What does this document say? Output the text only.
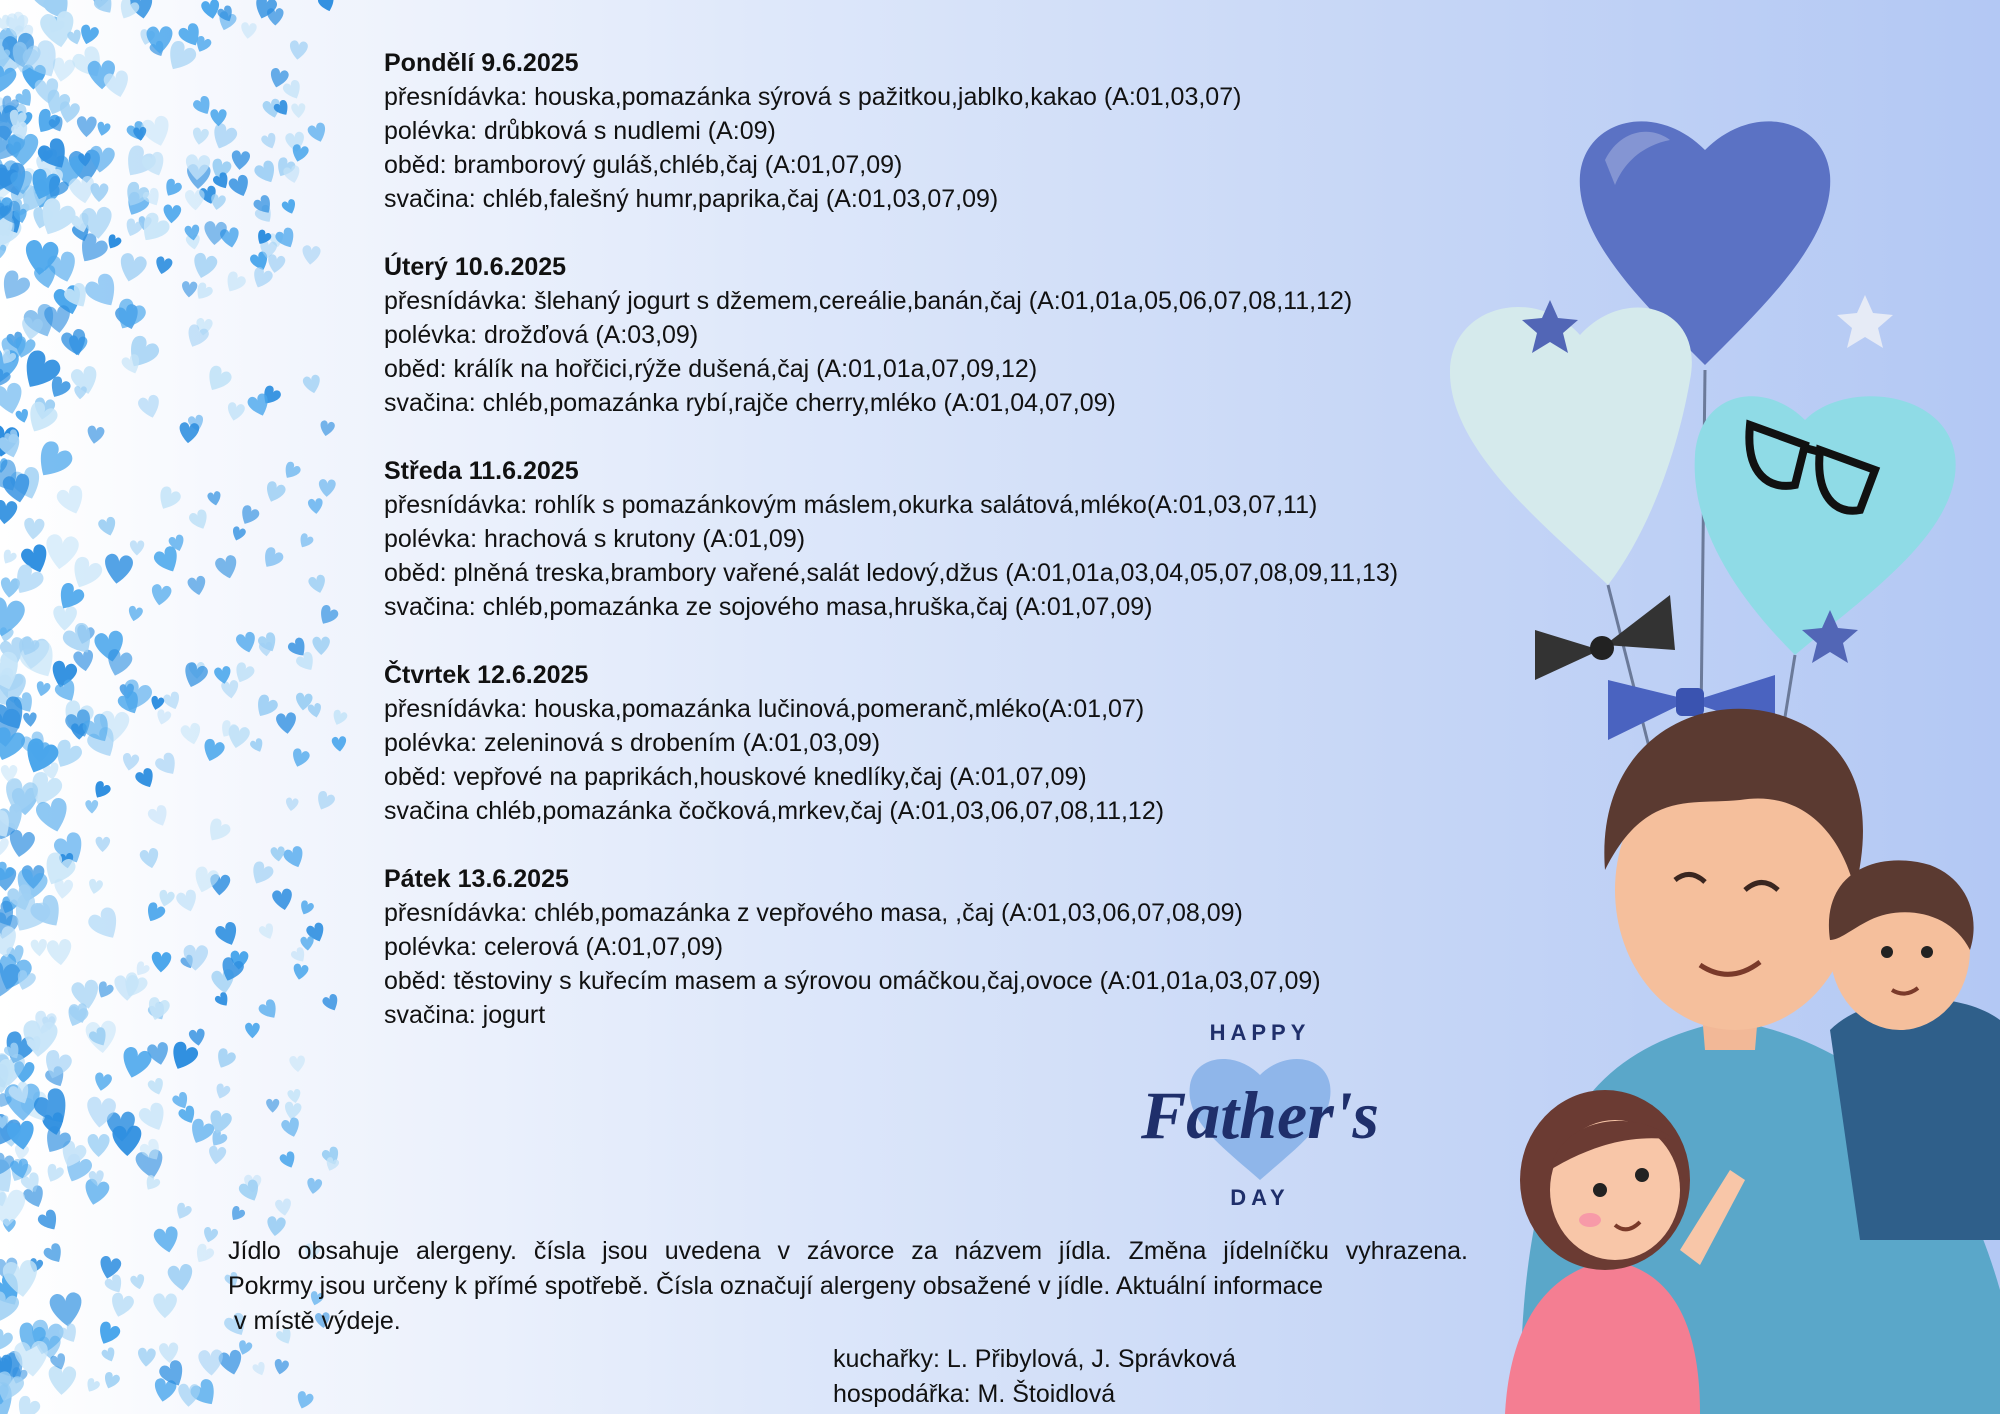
Pondělí 9.6.2025
přesnídávka: houska,pomazánka sýrová s pažitkou,jablko,kakao (A:01,03,07)
polévka: drůbková s nudlemi (A:09)
oběd: bramborový guláš,chléb,čaj (A:01,07,09)
svačina: chléb,falešný humr,paprika,čaj (A:01,03,07,09)
Úterý 10.6.2025
přesnídávka: šlehaný jogurt s džemem,cereálie,banán,čaj (A:01,01a,05,06,07,08,11,12)
polévka: drožďová (A:03,09)
oběd: králík na hořčici,rýže dušená,čaj (A:01,01a,07,09,12)
svačina: chléb,pomazánka rybí,rajče cherry,mléko (A:01,04,07,09)
Středa 11.6.2025
přesnídávka: rohlík s pomazánkovým máslem,okurka salátová,mléko(A:01,03,07,11)
polévka: hrachová s krutony (A:01,09)
oběd: plněná treska,brambory vařené,salát ledový,džus (A:01,01a,03,04,05,07,08,09,11,13)
svačina: chléb,pomazánka ze sojového masa,hruška,čaj (A:01,07,09)
Čtvrtek 12.6.2025
přesnídávka: houska,pomazánka lučinová,pomeranč,mléko(A:01,07)
polévka: zeleninová s drobením (A:01,03,09)
oběd: vepřové na paprikách,houskové knedlíky,čaj (A:01,07,09)
svačina chléb,pomazánka čočková,mrkev,čaj (A:01,03,06,07,08,11,12)
Pátek 13.6.2025
přesnídávka: chléb,pomazánka z vepřového masa, ,čaj (A:01,03,06,07,08,09)
polévka: celerová (A:01,07,09)
oběd: těstoviny s kuřecím masem a sýrovou omáčkou,čaj,ovoce (A:01,01a,03,07,09)
svačina: jogurt
HAPPY
Father's
DAY

Jídlo obsahuje alergeny. čísla jsou uvedena v závorce za názvem jídla. Změna jídelníčku vyhrazena.

Pokrmy jsou určeny k přímé spotřebě. Čísla označují alergeny obsažené v jídle. Aktuální informace

v místě výdeje.

kuchařky: L. Přibylová, J. Správková

hospodářka: M. Štoidlová
